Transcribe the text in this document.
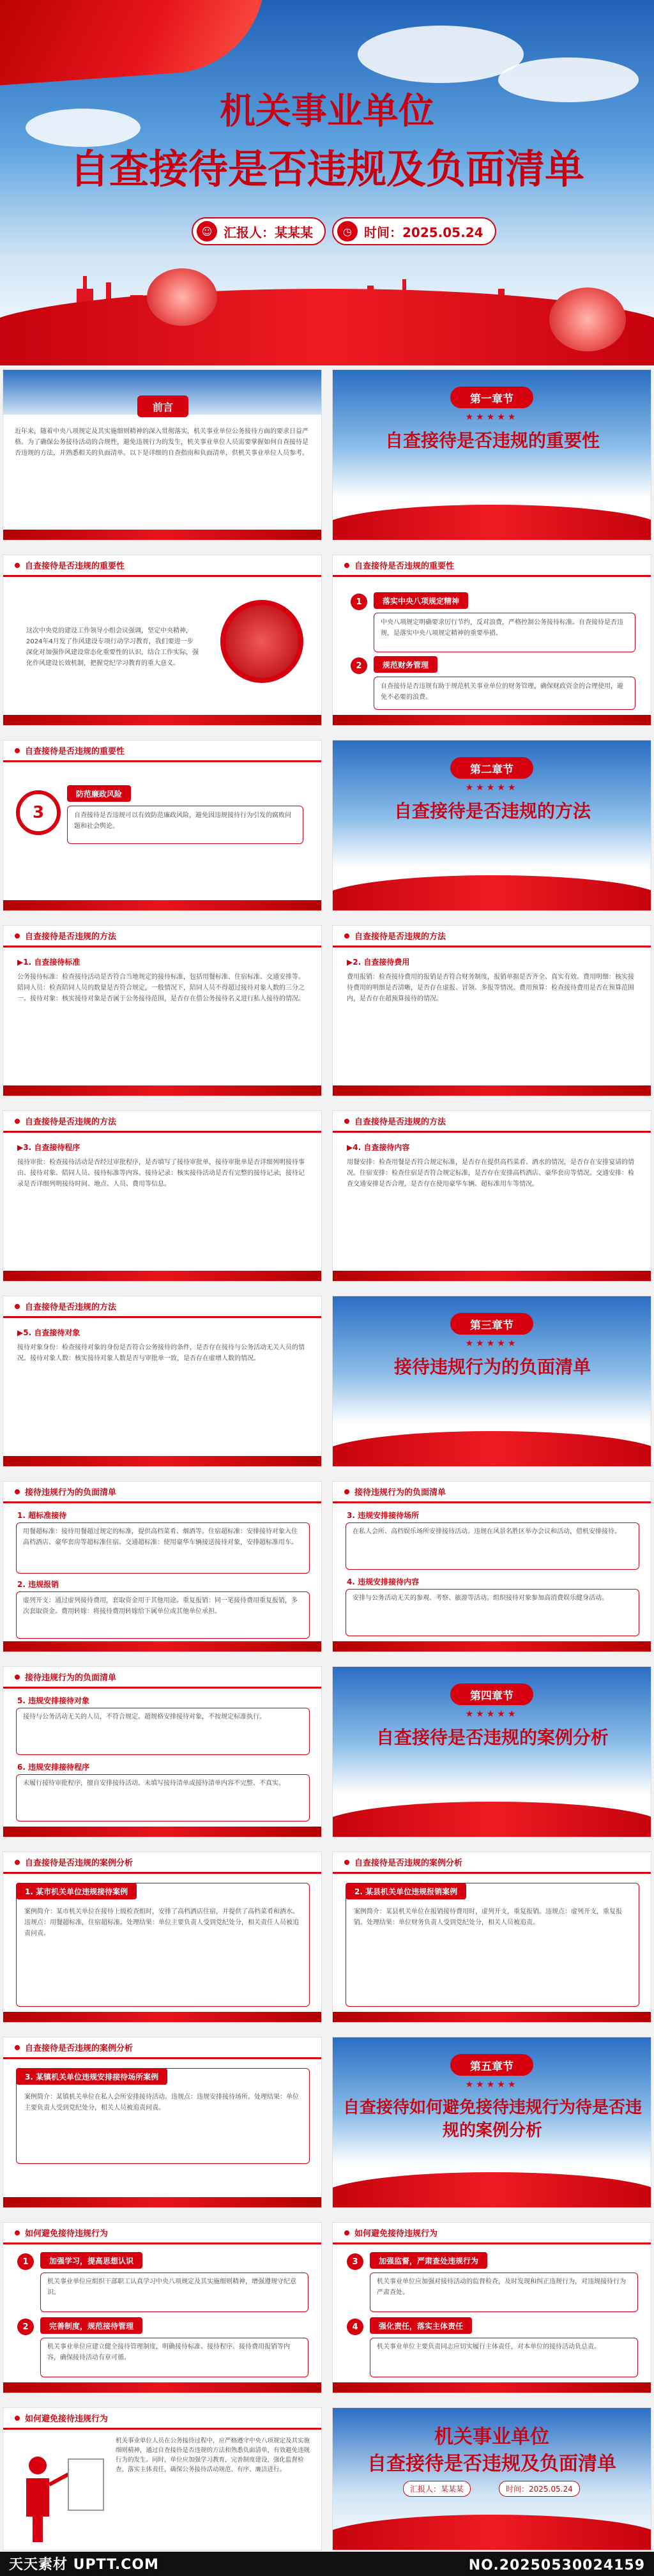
机关事业单位
自查接待是否违规及负面清单
☺ 汇报人：某某某	◷ 时间：2025.05.24
前言
近年来，随着中央八项规定及其实施细则精神的深入贯彻落实，机关事业单位公务接待方面的要求日益严格。为了确保公务接待活动的合规性，避免违规行为的发生，机关事业单位人员需要掌握如何自查接待是否违规的方法，并熟悉相关的负面清单。以下是详细的自查指南和负面清单，供机关事业单位人员参考。
第一章节
★★★★★
自查接待是否违规的重要性
自查接待是否违规的重要性
这次中央党的建设工作领导小组会议强调，坚定中央精神，2024年4月发了作风建设专项行动学习教育，我们要进一步深化对加强作风建设常态化重要性的认识，结合工作实际，强化作风建设长效机制，把握党纪学习教育的重大意义。
自查接待是否违规的重要性
1	落实中央八项规定精神
中央八项规定明确要求厉行节约，反对浪费，严格控制公务接待标准。自查接待是否违规，是落实中央八项规定精神的重要举措。
2	规范财务管理
自查接待是否违规有助于规范机关事业单位的财务管理，确保财政资金的合理使用，避免不必要的浪费。
自查接待是否违规的重要性
3
防范廉政风险
自查接待是否违规可以有效防范廉政风险，避免因违规接待行为引发的腐败问题和社会舆论。
第二章节
★★★★★
自查接待是否违规的方法
自查接待是否违规的方法
▶1. 自查接待标准
公务接待标准：检查接待活动是否符合当地规定的接待标准，包括用餐标准、住宿标准、交通安排等。陪同人员：检查陪同人员的数量是否符合规定，一般情况下，陪同人员不得超过接待对象人数的三分之一。接待对象：核实接待对象是否属于公务接待范围，是否存在借公务接待名义进行私人接待的情况。
自查接待是否违规的方法
▶2. 自查接待费用
费用报销：检查接待费用的报销是否符合财务制度，报销单据是否齐全、真实有效。费用明细：核实接待费用的明细是否清晰，是否存在虚报、冒领、多报等情况。费用预算：检查接待费用是否在预算范围内，是否存在超预算接待的情况。
自查接待是否违规的方法
▶3. 自查接待程序
接待审批：检查接待活动是否经过审批程序，是否填写了接待审批单，接待审批单是否详细列明接待事由、接待对象、陪同人员、接待标准等内容。接待记录：核实接待活动是否有完整的接待记录，接待记录是否详细列明接待时间、地点、人员、费用等信息。
自查接待是否违规的方法
▶4. 自查接待内容
用餐安排：检查用餐是否符合规定标准，是否存在提供高档菜肴、酒水的情况，是否存在安排宴请的情况。住宿安排：检查住宿是否符合规定标准，是否存在安排高档酒店、豪华套房等情况。交通安排：检查交通安排是否合理，是否存在使用豪华车辆、超标准用车等情况。
自查接待是否违规的方法
▶5. 自查接待对象
接待对象身份：检查接待对象的身份是否符合公务接待的条件，是否存在接待与公务活动无关人员的情况。接待对象人数：核实接待对象人数是否与审批单一致，是否存在虚增人数的情况。
第三章节
★★★★★
接待违规行为的负面清单
接待违规行为的负面清单
1. 超标准接待
用餐超标准：接待用餐超过规定的标准，提供高档菜肴、烟酒等。住宿超标准：安排接待对象入住高档酒店、豪华套房等超标准住宿。交通超标准：使用豪华车辆接送接待对象，安排超标准用车。
2. 违规报销
虚列开支：通过虚列接待费用，套取资金用于其他用途。重复报销：同一笔接待费用重复报销，多次套取资金。费用转嫁：将接待费用转嫁给下属单位或其他单位承担。
接待违规行为的负面清单
3. 违规安排接待场所
在私人会所、高档娱乐场所安排接待活动。违规在风景名胜区举办会议和活动，借机安排接待。
4. 违规安排接待内容
安排与公务活动无关的参观、考察、旅游等活动。组织接待对象参加高消费娱乐健身活动。
接待违规行为的负面清单
5. 违规安排接待对象
接待与公务活动无关的人员，不符合规定。超规格安排接待对象，不按规定标准执行。
6. 违规安排接待程序
未履行接待审批程序，擅自安排接待活动。未填写接待清单或接待清单内容不完整、不真实。
第四章节
★★★★★
自查接待是否违规的案例分析
自查接待是否违规的案例分析
1. 某市机关单位违规接待案例
案例简介：某市机关单位在接待上级检查组时，安排了高档酒店住宿，并提供了高档菜肴和酒水。违规点：用餐超标准，住宿超标准。处理结果：单位主要负责人受到党纪处分，相关责任人员被追责问责。
自查接待是否违规的案例分析
2. 某县机关单位违规报销案例
案例简介：某县机关单位在报销接待费用时，虚列开支，重复报销。违规点：虚列开支，重复报销。处理结果：单位财务负责人受到党纪处分，相关人员被追责。
自查接待是否违规的案例分析
3. 某镇机关单位违规安排接待场所案例
案例简介：某镇机关单位在私人会所安排接待活动。违规点：违规安排接待场所。处理结果：单位主要负责人受到党纪处分，相关人员被追责问责。
第五章节
★★★★★
自查接待如何避免接待违规行为待是否违规的案例分析
如何避免接待违规行为
1	加强学习，提高思想认识
机关事业单位应组织干部职工认真学习中央八项规定及其实施细则精神，增强遵规守纪意识。
2	完善制度，规范接待管理
机关事业单位应建立健全接待管理制度，明确接待标准、接待程序、接待费用报销等内容，确保接待活动有章可循。
如何避免接待违规行为
3	加强监督，严肃查处违规行为
机关事业单位应加强对接待活动的监督检查，及时发现和纠正违规行为，对违规接待行为严肃查处。
4	强化责任，落实主体责任
机关事业单位主要负责同志应切实履行主体责任，对本单位的接待活动负总责。
如何避免接待违规行为
机关事业单位人员在公务接待过程中，应严格遵守中央八项规定及其实施细则精神，通过自查接待是否违规的方法和熟悉负面清单，有效避免违规行为的发生。同时，单位应加强学习教育，完善制度建设，强化监督检查，落实主体责任，确保公务接待活动规范、有序、廉洁进行。
机关事业单位
自查接待是否违规及负面清单
汇报人：某某某	时间：2025.05.24
天天素材 UPTT.COM	NO.20250530024159
